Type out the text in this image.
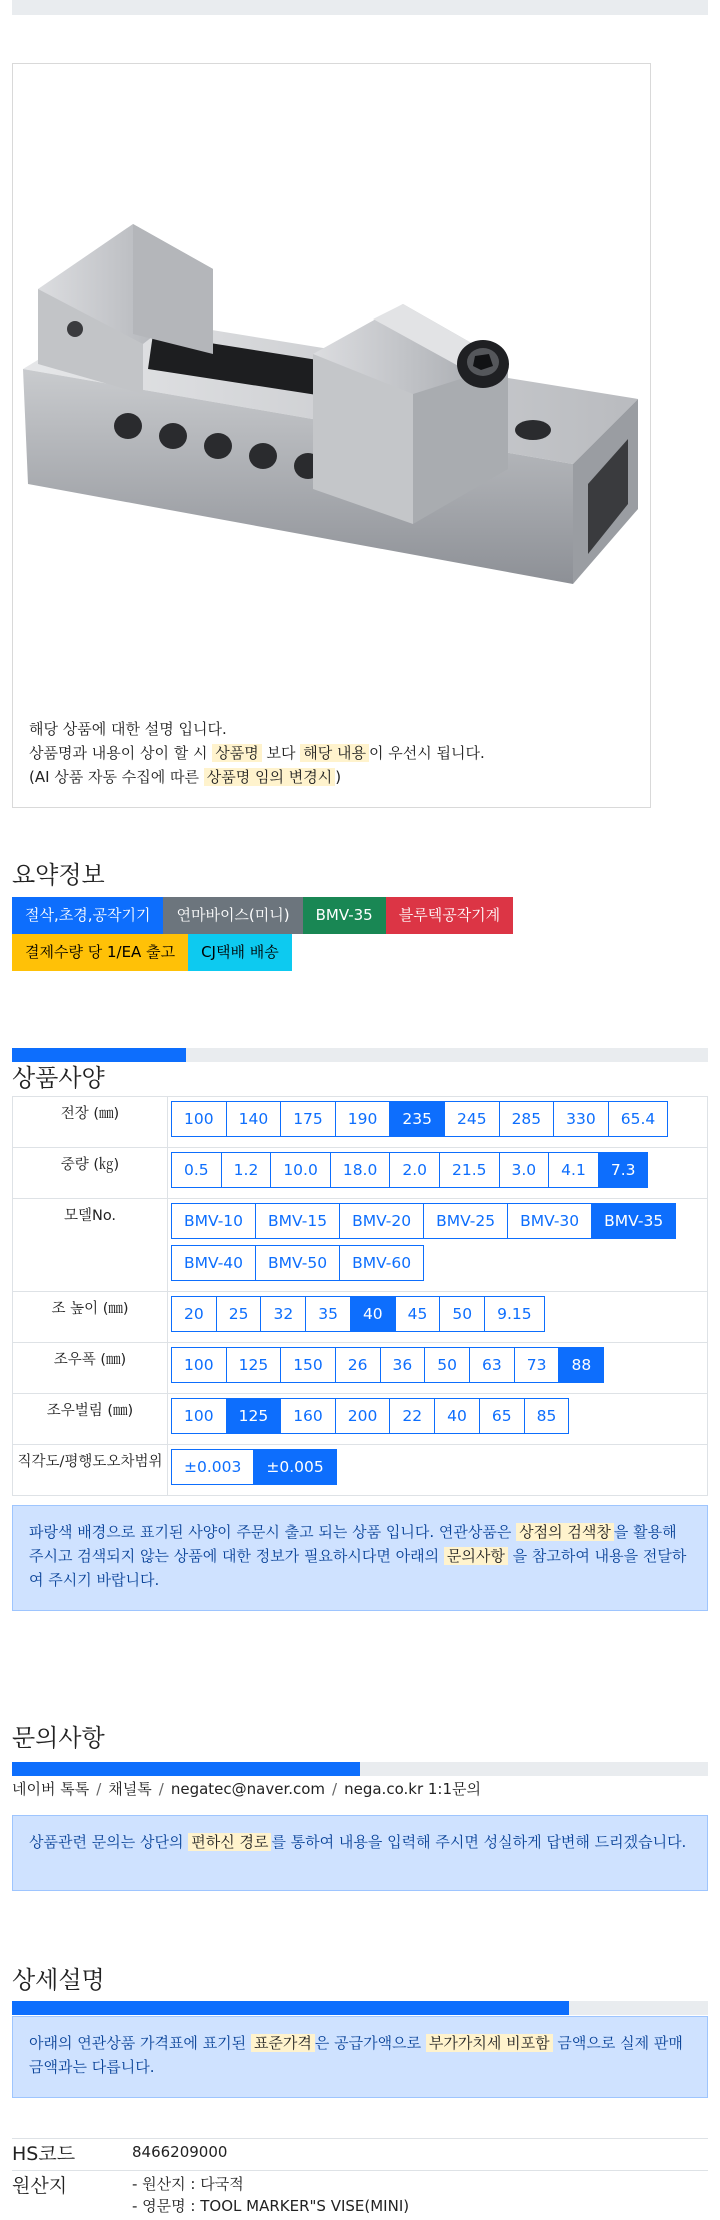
해당 상품에 대한 설명 입니다.
상품명과 내용이 상이 할 시 상품명 보다 해당 내용 이 우선시 됩니다.
(AI 상품 자동 수집에 따른 상품명 임의 변경시 )
요약정보
절삭,초경,공작기기	연마바이스(미니)	BMV-35	블루텍공작기계
결제수량 당 1/EA 출고	CJ택배 배송
상품사양
전장 (㎜)	100 140 175 190 235 245 285 330 65.4
중량 (㎏)	0.5 1.2 10.0 18.0 2.0 21.5 3.0 4.1 7.3
모델No.	BMV-10 BMV-15 BMV-20 BMV-25 BMV-30 BMV-35BMV-40 BMV-50 BMV-60
조 높이 (㎜)	20 25 32 35 40 45 50 9.15
조우폭 (㎜)	100 125 150 26 36 50 63 73 88
조우벌림 (㎜)	100 125 160 200 22 40 65 85
직각도/평행도오차범위	±0.003 ±0.005
파랑색 배경으로 표기된 사양이 주문시 출고 되는 상품 입니다. 연관상품은 상점의 검색창 을 활용해 주시고 검색되지 않는 상품에 대한 정보가 필요하시다면 아래의 문의사항 을 참고하여 내용을 전달하여 주시기 바랍니다.
문의사항
네이버 톡톡 / 채널톡 / negatec@naver.com / nega.co.kr 1:1문의
상품관련 문의는 상단의 편하신 경로 를 통하여 내용을 입력해 주시면 성실하게 답변해 드리겠습니다.
상세설명
아래의 연관상품 가격표에 표기된 표준가격 은 공급가액으로 부가가치세 비포함 금액으로 실제 판매금액과는 다릅니다.
HS코드	8466209000
원산지	- 원산지 : 다국적
- 영문명 : TOOL MARKER"S VISE(MINI)
